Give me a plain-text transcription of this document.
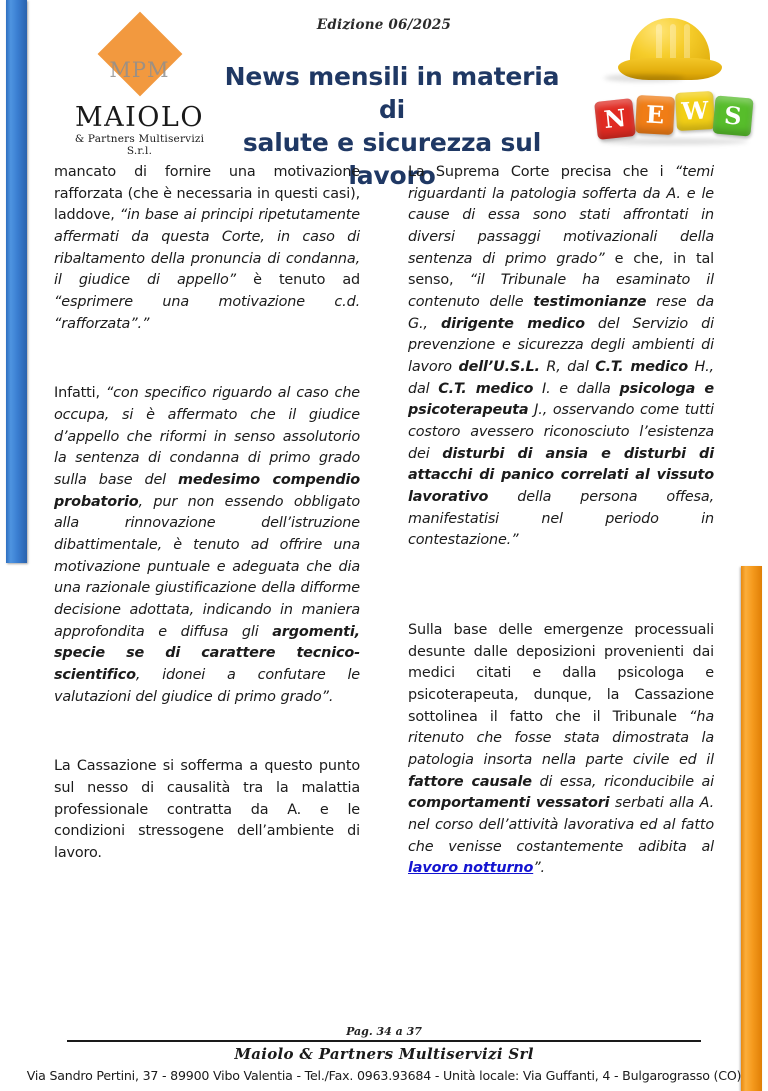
Edizione 06/2025
MPM
MAIOLO
& Partners Multiservizi S.r.l.
News mensili in materia di
salute e sicurezza sul lavoro
N E W S

mancato di fornire una motivazione rafforzata (che è necessaria in questi casi), laddove, “in base ai principi ripetutamente affermati da questa Corte, in caso di ribaltamento della pronuncia di condanna, il giudice di appello” è tenuto ad “esprimere una motivazione c.d. “rafforzata”.”

Infatti, “con specifico riguardo al caso che occupa, si è affermato che il giudice d’appello che riformi in senso assolutorio la sentenza di condanna di primo grado sulla base del medesimo compendio probatorio, pur non essendo obbligato alla rinnovazione dell’istruzione dibattimentale, è tenuto ad offrire una motivazione puntuale e adeguata che dia una razionale giustificazione della difforme decisione adottata, indicando in maniera approfondita e diffusa gli argomenti, specie se di carattere tecnico-scientifico, idonei a confutare le valutazioni del giudice di primo grado”.

La Cassazione si sofferma a questo punto sul nesso di causalità tra la malattia professionale contratta da A. e le condizioni stressogene dell’ambiente di lavoro.

La Suprema Corte precisa che i “temi riguardanti la patologia sofferta da A. e le cause di essa sono stati affrontati in diversi passaggi motivazionali della sentenza di primo grado” e che, in tal senso, “il Tribunale ha esaminato il contenuto delle testimonianze rese da G., dirigente medico del Servizio di prevenzione e sicurezza degli ambienti di lavoro dell’U.S.L. R, dal C.T. medico H., dal C.T. medico I. e dalla psicologa e psicoterapeuta J., osservando come tutti costoro avessero riconosciuto l’esistenza dei disturbi di ansia e disturbi di attacchi di panico correlati al vissuto lavorativo della persona offesa, manifestatisi nel periodo in contestazione.”

Sulla base delle emergenze processuali desunte dalle deposizioni provenienti dai medici citati e dalla psicologa e psicoterapeuta, dunque, la Cassazione sottolinea il fatto che il Tribunale “ha ritenuto che fosse stata dimostrata la patologia insorta nella parte civile ed il fattore causale di essa, riconducibile ai comportamenti vessatori serbati alla A. nel corso dell’attività lavorativa ed al fatto che venisse costantemente adibita al lavoro notturno”.

Pag. 34 a 37
Maiolo & Partners Multiservizi Srl
Via Sandro Pertini, 37 - 89900 Vibo Valentia - Tel./Fax. 0963.93684 - Unità locale: Via Guffanti, 4 - Bulgarograsso (CO)
